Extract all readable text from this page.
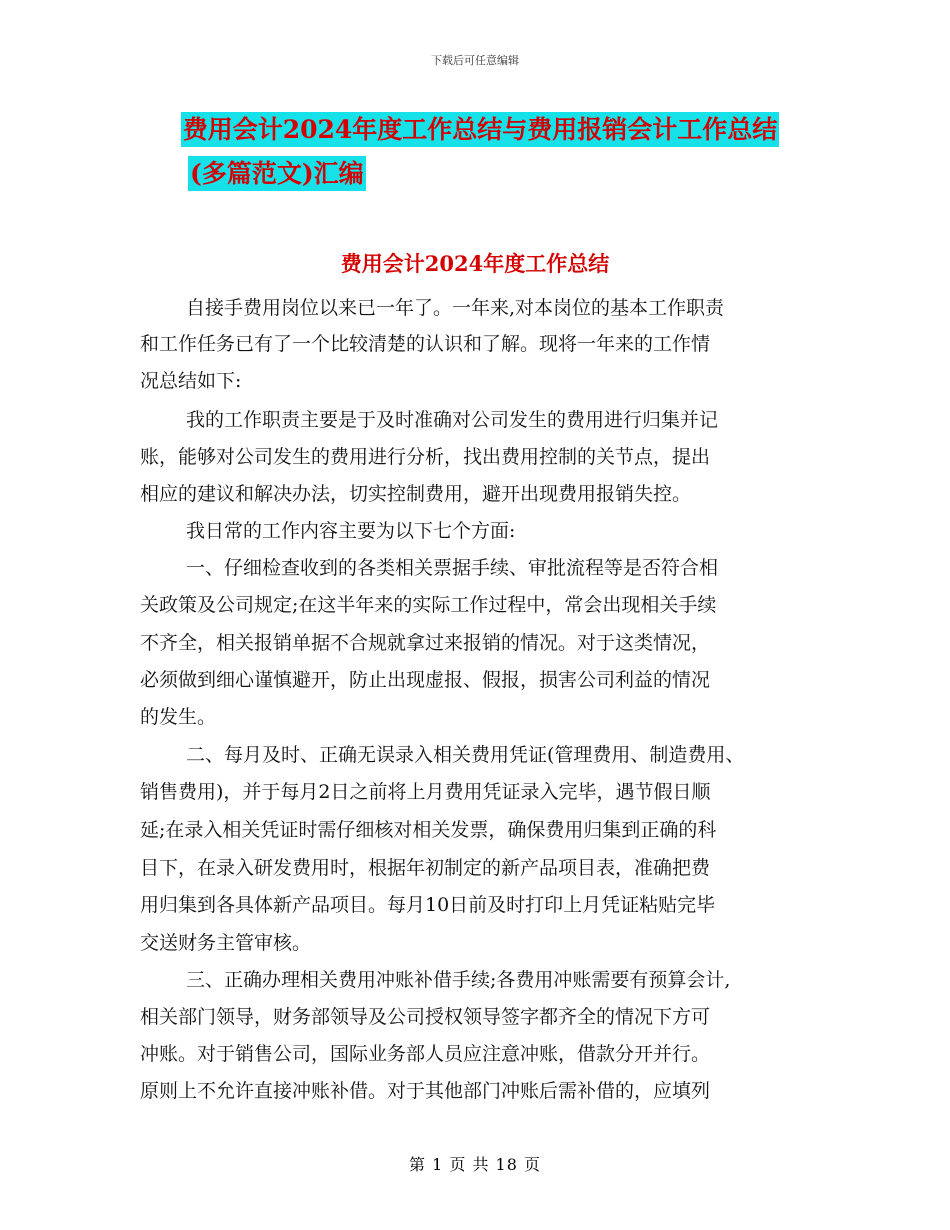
下载后可任意编辑
费用会计2024年度工作总结与费用报销会计工作总结
(多篇范文)汇编
费用会计2024年度工作总结
自接手费用岗位以来已一年了。一年来,对本岗位的基本工作职责
和工作任务已有了一个比较清楚的认识和了解。现将一年来的工作情
况总结如下:
我的工作职责主要是于及时准确对公司发生的费用进行归集并记
账，能够对公司发生的费用进行分析，找出费用控制的关节点，提出
相应的建议和解决办法，切实控制费用，避开出现费用报销失控。
我日常的工作内容主要为以下七个方面:
一、仔细检查收到的各类相关票据手续、审批流程等是否符合相
关政策及公司规定;在这半年来的实际工作过程中，常会出现相关手续
不齐全，相关报销单据不合规就拿过来报销的情况。对于这类情况，
必须做到细心谨慎避开，防止出现虚报、假报，损害公司利益的情况
的发生。
二、每月及时、正确无误录入相关费用凭证(管理费用、制造费用、
销售费用)，并于每月2日之前将上月费用凭证录入完毕，遇节假日顺
延;在录入相关凭证时需仔细核对相关发票，确保费用归集到正确的科
目下，在录入研发费用时，根据年初制定的新产品项目表，准确把费
用归集到各具体新产品项目。每月10日前及时打印上月凭证粘贴完毕
交送财务主管审核。
三、正确办理相关费用冲账补借手续;各费用冲账需要有预算会计,
相关部门领导，财务部领导及公司授权领导签字都齐全的情况下方可
冲账。对于销售公司，国际业务部人员应注意冲账，借款分开并行。
原则上不允许直接冲账补借。对于其他部门冲账后需补借的，应填列
第 1 页 共 18 页
